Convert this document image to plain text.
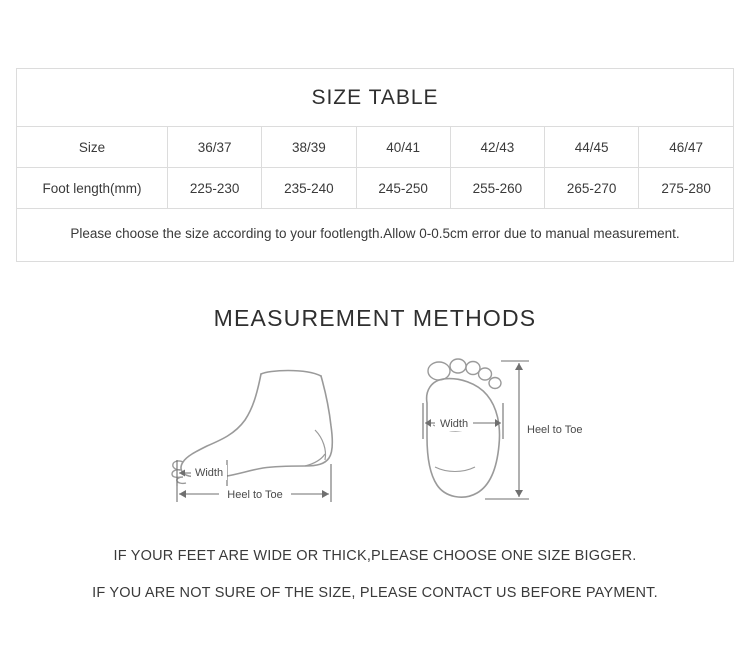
SIZE TABLE
Size	36/37	38/39	40/41	42/43	44/45	46/47
Foot length(mm)	225-230	235-240	245-250	255-260	265-270	275-280
Please choose the size according to your footlength.Allow 0-0.5cm error due to manual measurement.
MEASUREMENT METHODS
Width
Heel to Toe
Width	Heel to Toe

IF YOUR FEET ARE WIDE OR THICK,PLEASE CHOOSE ONE SIZE BIGGER.

IF YOU ARE NOT SURE OF THE SIZE, PLEASE CONTACT US BEFORE PAYMENT.
